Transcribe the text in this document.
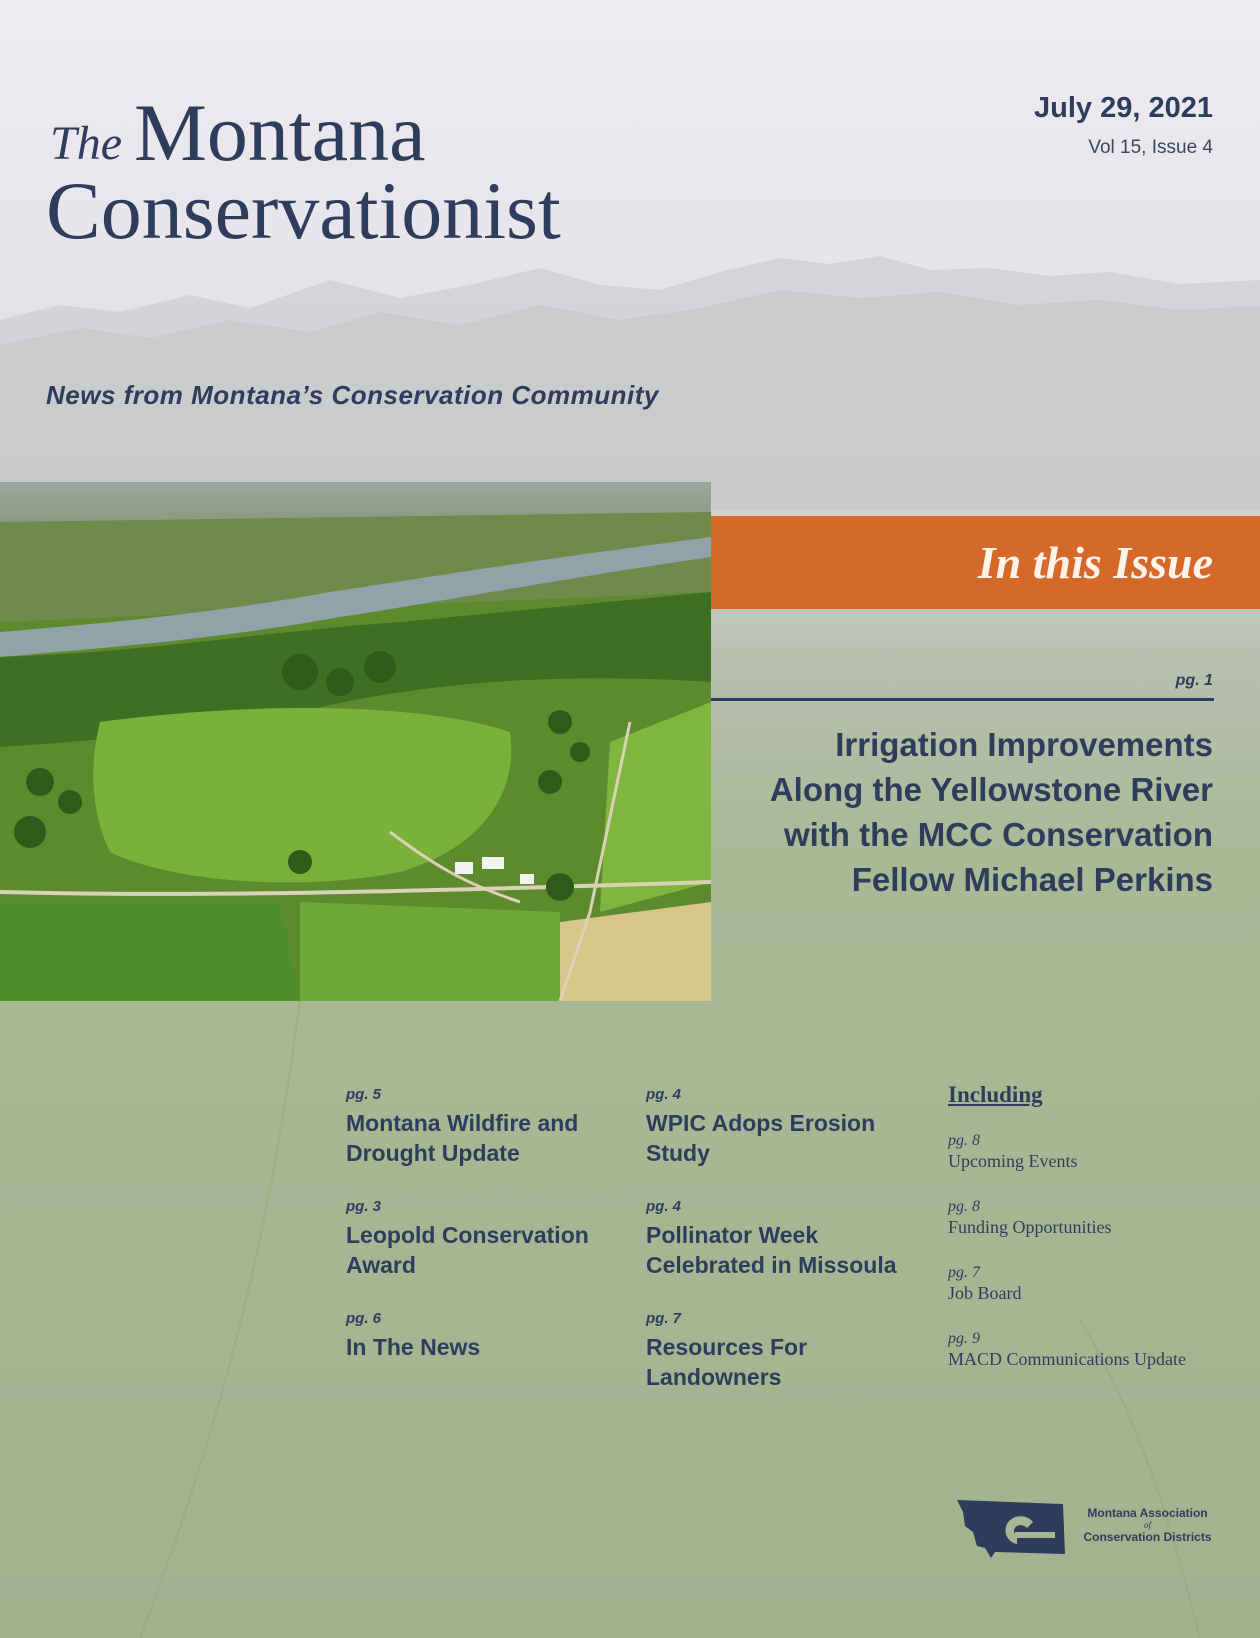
The Montana
Conservationist
July 29, 2021
Vol 15, Issue 4
News from Montana’s Conservation Community
In this Issue
pg. 1
Irrigation Improvements Along the Yellowstone River with the MCC Conservation Fellow Michael Perkins
pg. 5
Montana Wildfire and Drought Update
pg. 3
Leopold Conservation Award
pg. 6
In The News
pg. 4
WPIC Adops Erosion Study
pg. 4
Pollinator Week Celebrated in Missoula
pg. 7
Resources For Landowners
Including
pg. 8
Upcoming Events
pg. 8
Funding Opportunities
pg. 7
Job Board
pg. 9
MACD Communications Update
Montana Association
of
Conservation Districts
